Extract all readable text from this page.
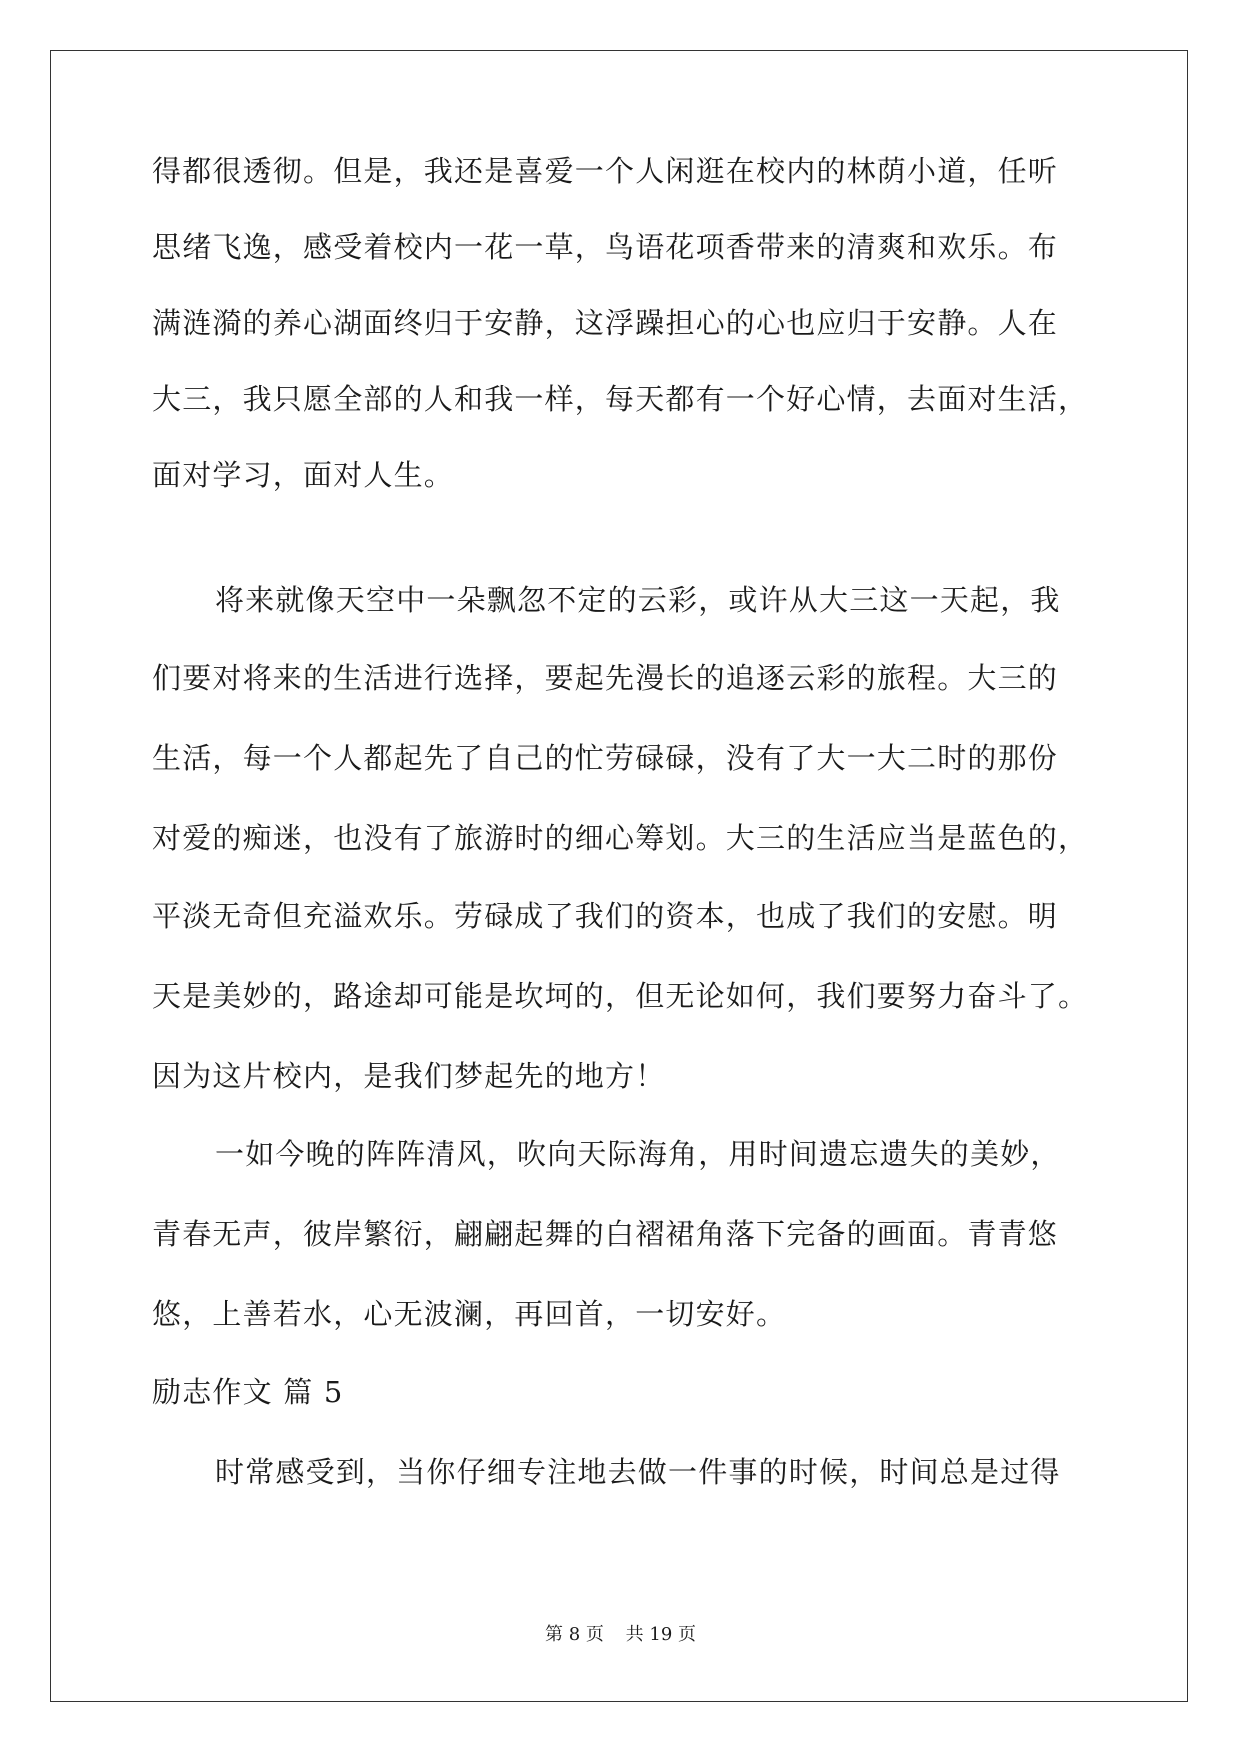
得都很透彻。但是，我还是喜爱一个人闲逛在校内的林荫小道，任听
思绪飞逸，感受着校内一花一草，鸟语花项香带来的清爽和欢乐。布
满涟漪的养心湖面终归于安静，这浮躁担心的心也应归于安静。人在
大三，我只愿全部的人和我一样，每天都有一个好心情，去面对生活，
面对学习，面对人生。
将来就像天空中一朵飘忽不定的云彩，或许从大三这一天起，我
们要对将来的生活进行选择，要起先漫长的追逐云彩的旅程。大三的
生活，每一个人都起先了自己的忙劳碌碌，没有了大一大二时的那份
对爱的痴迷，也没有了旅游时的细心筹划。大三的生活应当是蓝色的，
平淡无奇但充溢欢乐。劳碌成了我们的资本，也成了我们的安慰。明
天是美妙的，路途却可能是坎坷的，但无论如何，我们要努力奋斗了。
因为这片校内，是我们梦起先的地方！
一如今晚的阵阵清风，吹向天际海角，用时间遗忘遗失的美妙，
青春无声，彼岸繁衍，翩翩起舞的白褶裙角落下完备的画面。青青悠
悠，上善若水，心无波澜，再回首，一切安好。
励志作文 篇 5
时常感受到，当你仔细专注地去做一件事的时候，时间总是过得
第 8 页 共 19 页
